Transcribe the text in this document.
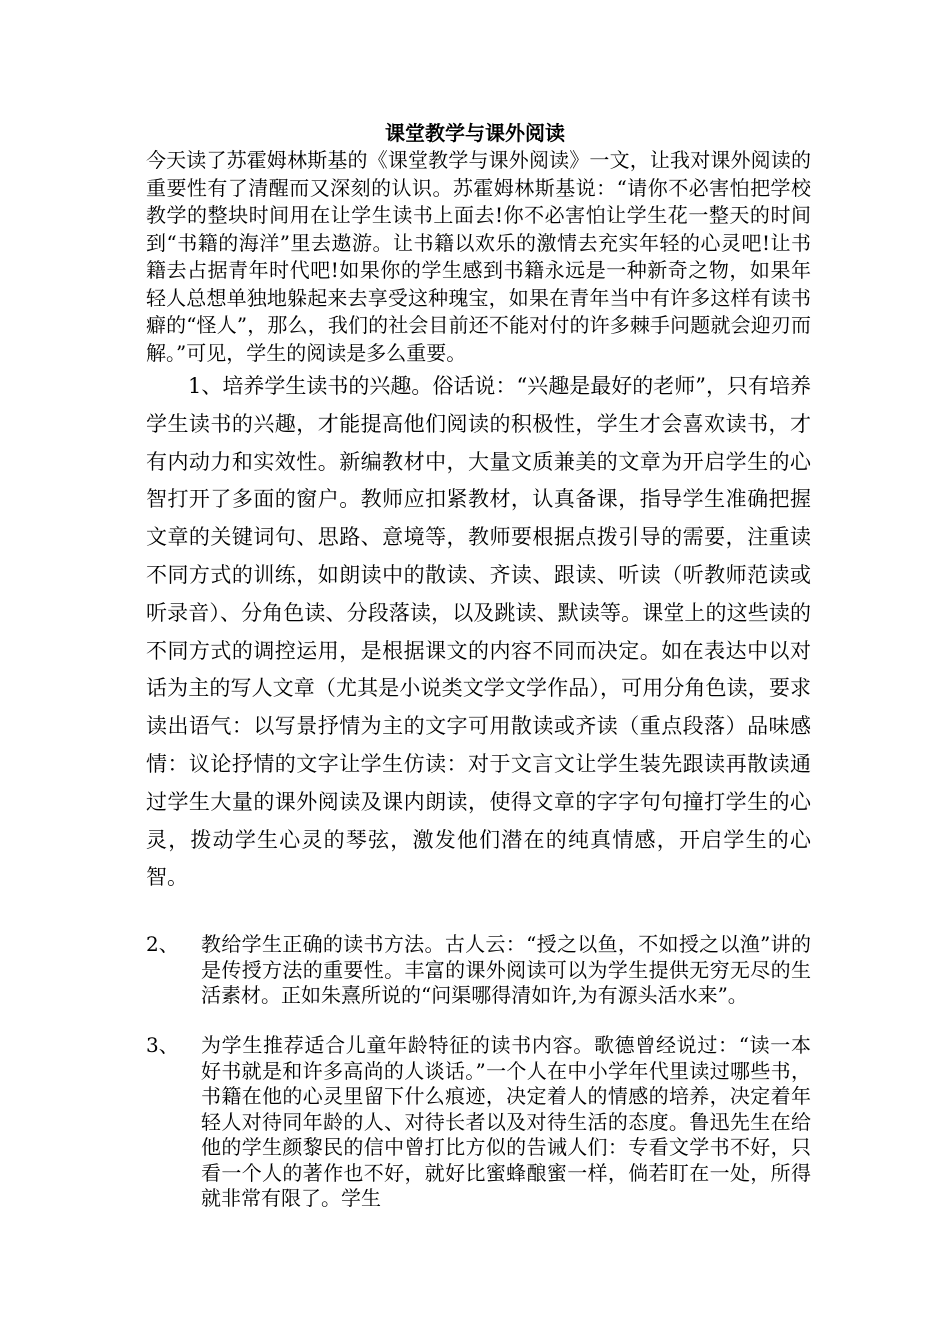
课堂教学与课外阅读

今天读了苏霍姆林斯基的《课堂教学与课外阅读》一文，让我对课外阅读的重要性有了清醒而又深刻的认识。苏霍姆林斯基说：“请你不必害怕把学校教学的整块时间用在让学生读书上面去!你不必害怕让学生花一整天的时间到“书籍的海洋”里去遨游。让书籍以欢乐的激情去充实年轻的心灵吧!让书籍去占据青年时代吧!如果你的学生感到书籍永远是一种新奇之物，如果年轻人总想单独地躲起来去享受这种瑰宝，如果在青年当中有许多这样有读书癖的“怪人”，那么，我们的社会目前还不能对付的许多棘手问题就会迎刃而解。”可见，学生的阅读是多么重要。

1、培养学生读书的兴趣。俗话说：“兴趣是最好的老师”，只有培养学生读书的兴趣，才能提高他们阅读的积极性，学生才会喜欢读书，才有内动力和实效性。新编教材中，大量文质兼美的文章为开启学生的心智打开了多面的窗户。教师应扣紧教材，认真备课，指导学生准确把握文章的关键词句、思路、意境等，教师要根据点拨引导的需要，注重读不同方式的训练，如朗读中的散读、齐读、跟读、听读（听教师范读或听录音）、分角色读、分段落读，以及跳读、默读等。课堂上的这些读的不同方式的调控运用，是根据课文的内容不同而决定。如在表达中以对话为主的写人文章（尤其是小说类文学文学作品），可用分角色读，要求读出语气：以写景抒情为主的文字可用散读或齐读（重点段落）品味感情：议论抒情的文字让学生仿读：对于文言文让学生装先跟读再散读通过学生大量的课外阅读及课内朗读，使得文章的字字句句撞打学生的心灵，拨动学生心灵的琴弦，激发他们潜在的纯真情感，开启学生的心智。

2、 教给学生正确的读书方法。古人云：“授之以鱼，不如授之以渔”讲的是传授方法的重要性。丰富的课外阅读可以为学生提供无穷无尽的生活素材。正如朱熹所说的“问渠哪得清如许,为有源头活水来”。
3、 为学生推荐适合儿童年龄特征的读书内容。歌德曾经说过：“读一本好书就是和许多高尚的人谈话。”一个人在中小学年代里读过哪些书，书籍在他的心灵里留下什么痕迹，决定着人的情感的培养，决定着年轻人对待同年龄的人、对待长者以及对待生活的态度。鲁迅先生在给他的学生颜黎民的信中曾打比方似的告诫人们：专看文学书不好，只看一个人的著作也不好，就好比蜜蜂酿蜜一样，倘若盯在一处，所得就非常有限了。学生
